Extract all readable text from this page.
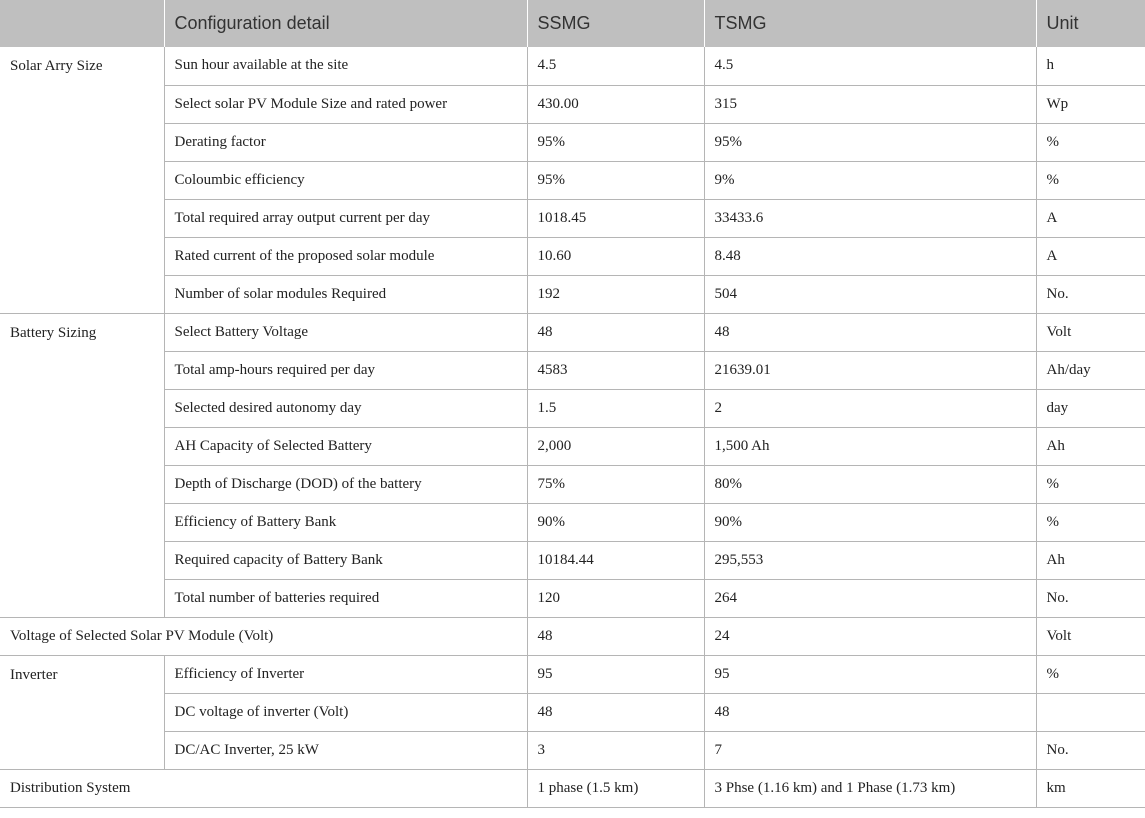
	Configuration detail	SSMG	TSMG	Unit
Solar Arry Size	Sun hour available at the site	4.5	4.5	h
	Select solar PV Module Size and rated power	430.00	315	Wp
	Derating factor	95%	95%	%
	Coloumbic efficiency	95%	9%	%
	Total required array output current per day	1018.45	33433.6	A
	Rated current of the proposed solar module	10.60	8.48	A
	Number of solar modules Required	192	504	No.
Battery Sizing	Select Battery Voltage	48	48	Volt
	Total amp-hours required per day	4583	21639.01	Ah/day
	Selected desired autonomy day	1.5	2	day
	AH Capacity of Selected Battery	2,000	1,500 Ah	Ah
	Depth of Discharge (DOD) of the battery	75%	80%	%
	Efficiency of Battery Bank	90%	90%	%
	Required capacity of Battery Bank	10184.44	295,553	Ah
	Total number of batteries required	120	264	No.
Voltage of Selected Solar PV Module (Volt)		48	24	Volt
Inverter	Efficiency of Inverter	95	95	%
	DC voltage of inverter (Volt)	48	48	
	DC/AC Inverter, 25 kW	3	7	No.
Distribution System		1 phase (1.5 km)	3 Phse (1.16 km) and 1 Phase (1.73 km)	km
